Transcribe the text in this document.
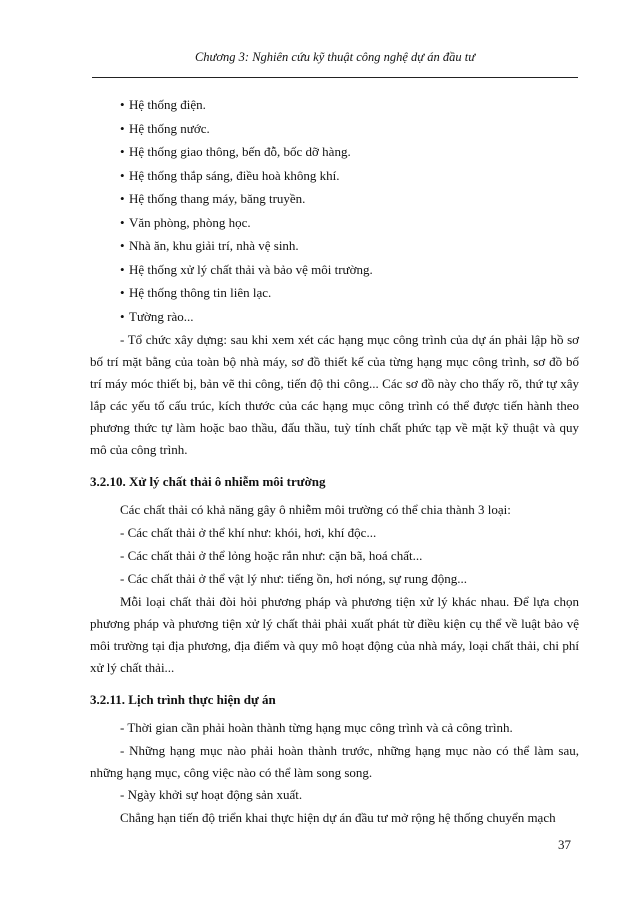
Chương 3: Nghiên cứu kỹ thuật công nghệ dự án đầu tư

• Hệ thống điện.

• Hệ thống nước.

• Hệ thống giao thông, bến đỗ, bốc dỡ hàng.

• Hệ thống thắp sáng, điều hoà không khí.

• Hệ thống thang máy, băng truyền.

• Văn phòng, phòng học.

• Nhà ăn, khu giải trí, nhà vệ sinh.

• Hệ thống xử lý chất thải và bảo vệ môi trường.

• Hệ thống thông tin liên lạc.

• Tường rào...

- Tổ chức xây dựng: sau khi xem xét các hạng mục công trình của dự án phải lập hồ sơ bố trí mặt bằng của toàn bộ nhà máy, sơ đồ thiết kế của từng hạng mục công trình, sơ đồ bố trí máy móc thiết bị, bản vẽ thi công, tiến độ thi công... Các sơ đồ này cho thấy rõ, thứ tự xây lắp các yếu tố cấu trúc, kích thước của các hạng mục công trình có thể được tiến hành theo phương thức tự làm hoặc bao thầu, đấu thầu, tuỳ tính chất phức tạp về mặt kỹ thuật và quy mô của công trình.

3.2.10. Xử lý chất thải ô nhiễm môi trường

Các chất thải có khả năng gây ô nhiễm môi trường có thể chia thành 3 loại:

- Các chất thải ở thể khí như: khói, hơi, khí độc...

- Các chất thải ở thể lỏng hoặc rắn như: cặn bã, hoá chất...

- Các chất thải ở thể vật lý như: tiếng ồn, hơi nóng, sự rung động...

Mỗi loại chất thải đòi hỏi phương pháp và phương tiện xử lý khác nhau. Để lựa chọn phương pháp và phương tiện xử lý chất thải phải xuất phát từ điều kiện cụ thể về luật bảo vệ môi trường tại địa phương, địa điểm và quy mô hoạt động của nhà máy, loại chất thải, chi phí xử lý chất thải...

3.2.11. Lịch trình thực hiện dự án

- Thời gian cần phải hoàn thành từng hạng mục công trình và cả công trình.

- Những hạng mục nào phải hoàn thành trước, những hạng mục nào có thể làm sau, những hạng mục, công việc nào có thể làm song song.

- Ngày khởi sự hoạt động sản xuất.

Chẳng hạn tiến độ triển khai thực hiện dự án đầu tư mở rộng hệ thống chuyển mạch

37
